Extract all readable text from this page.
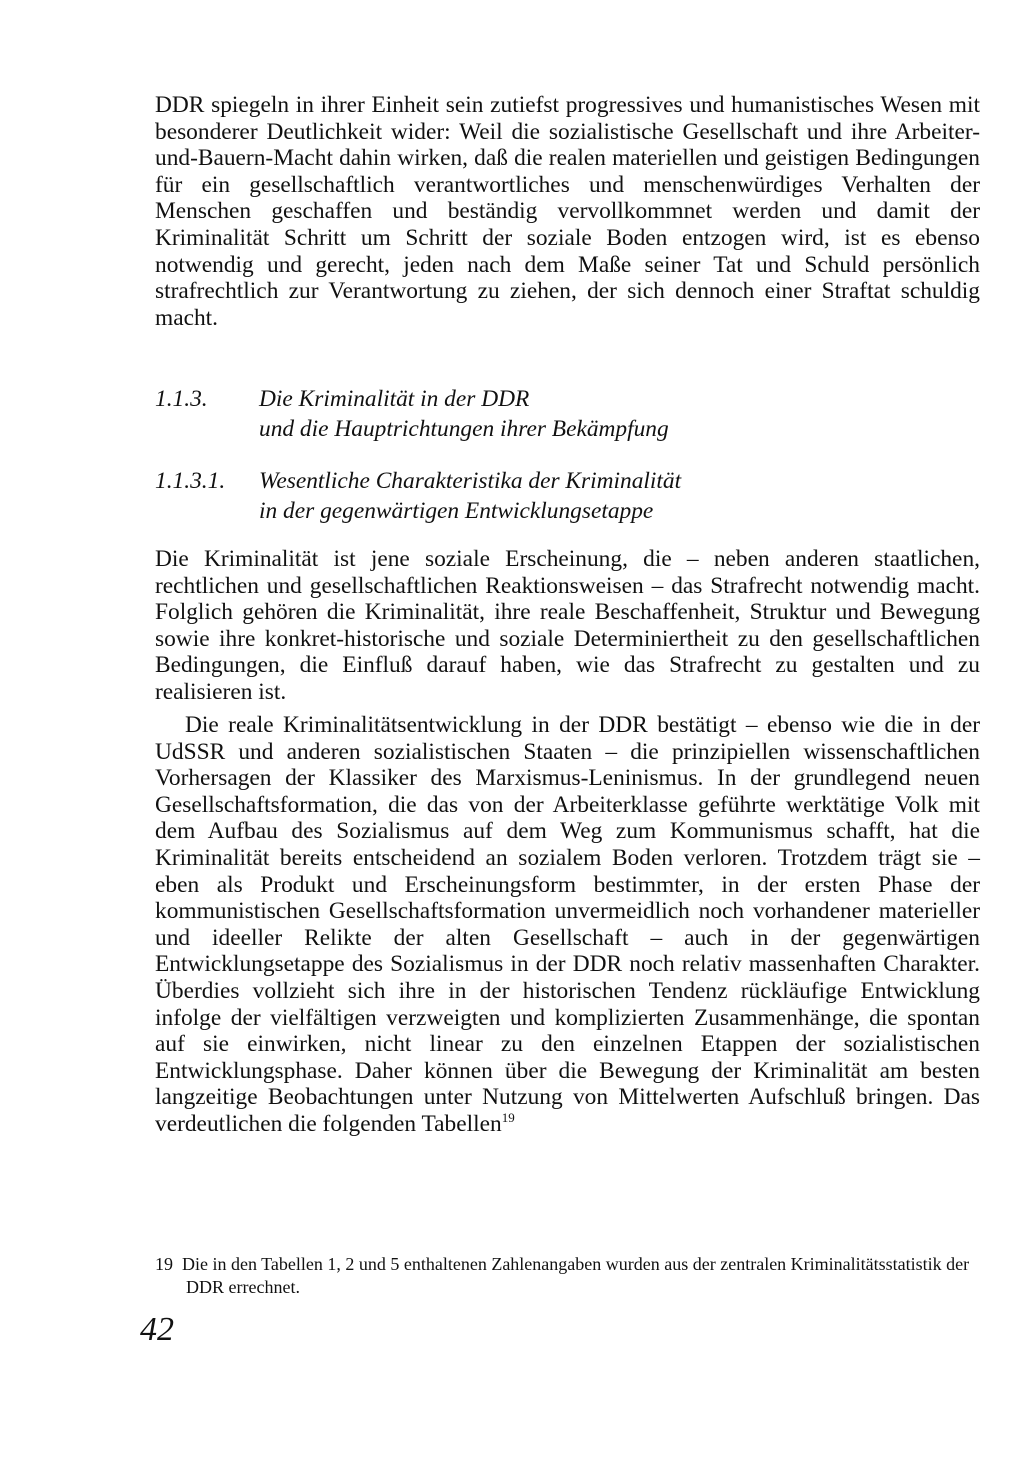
DDR spiegeln in ihrer Einheit sein zutiefst progressives und humanistisches Wesen mit besonderer Deutlichkeit wider: Weil die sozialistische Gesellschaft und ihre Arbeiter-und-Bauern-Macht dahin wirken, daß die realen materiellen und geistigen Bedingungen für ein gesellschaftlich verantwortliches und menschenwürdiges Verhalten der Menschen geschaffen und beständig vervollkommnet werden und damit der Kriminalität Schritt um Schritt der soziale Boden entzogen wird, ist es ebenso notwendig und gerecht, jeden nach dem Maße seiner Tat und Schuld persönlich strafrechtlich zur Verantwortung zu ziehen, der sich dennoch einer Straftat schuldig macht.

1.1.3.	Die Kriminalität in der DDR
und die Hauptrichtungen ihrer Bekämpfung
1.1.3.1.	Wesentliche Charakteristika der Kriminalität
in der gegenwärtigen Entwicklungsetappe

Die Kriminalität ist jene soziale Erscheinung, die – neben anderen staatlichen, rechtlichen und gesellschaftlichen Reaktionsweisen – das Strafrecht notwendig macht. Folglich gehören die Kriminalität, ihre reale Beschaffenheit, Struktur und Bewegung sowie ihre konkret-historische und soziale Determiniertheit zu den gesellschaftlichen Bedingungen, die Einfluß darauf haben, wie das Strafrecht zu gestalten und zu realisieren ist.

Die reale Kriminalitätsentwicklung in der DDR bestätigt – ebenso wie die in der UdSSR und anderen sozialistischen Staaten – die prinzipiellen wissenschaftlichen Vorhersagen der Klassiker des Marxismus-Leninismus. In der grundlegend neuen Gesellschaftsformation, die das von der Arbeiterklasse geführte werktätige Volk mit dem Aufbau des Sozialismus auf dem Weg zum Kommunismus schafft, hat die Kriminalität bereits entscheidend an sozialem Boden verloren. Trotzdem trägt sie – eben als Produkt und Erscheinungsform bestimmter, in der ersten Phase der kommunistischen Gesellschaftsformation unvermeidlich noch vorhandener materieller und ideeller Relikte der alten Gesellschaft – auch in der gegenwärtigen Entwicklungsetappe des Sozialismus in der DDR noch relativ massenhaften Charakter. Überdies vollzieht sich ihre in der historischen Tendenz rückläufige Entwicklung infolge der vielfältigen verzweigten und komplizierten Zusammenhänge, die spontan auf sie einwirken, nicht linear zu den einzelnen Etappen der sozialistischen Entwicklungsphase. Daher können über die Bewegung der Kriminalität am besten langzeitige Beobachtungen unter Nutzung von Mittelwerten Aufschluß bringen. Das verdeutlichen die folgenden Tabellen$^{19}$

19 Die in den Tabellen 1, 2 und 5 enthaltenen Zahlenangaben wurden aus der zentralen Kriminalitätsstatistik der DDR errechnet.

42
